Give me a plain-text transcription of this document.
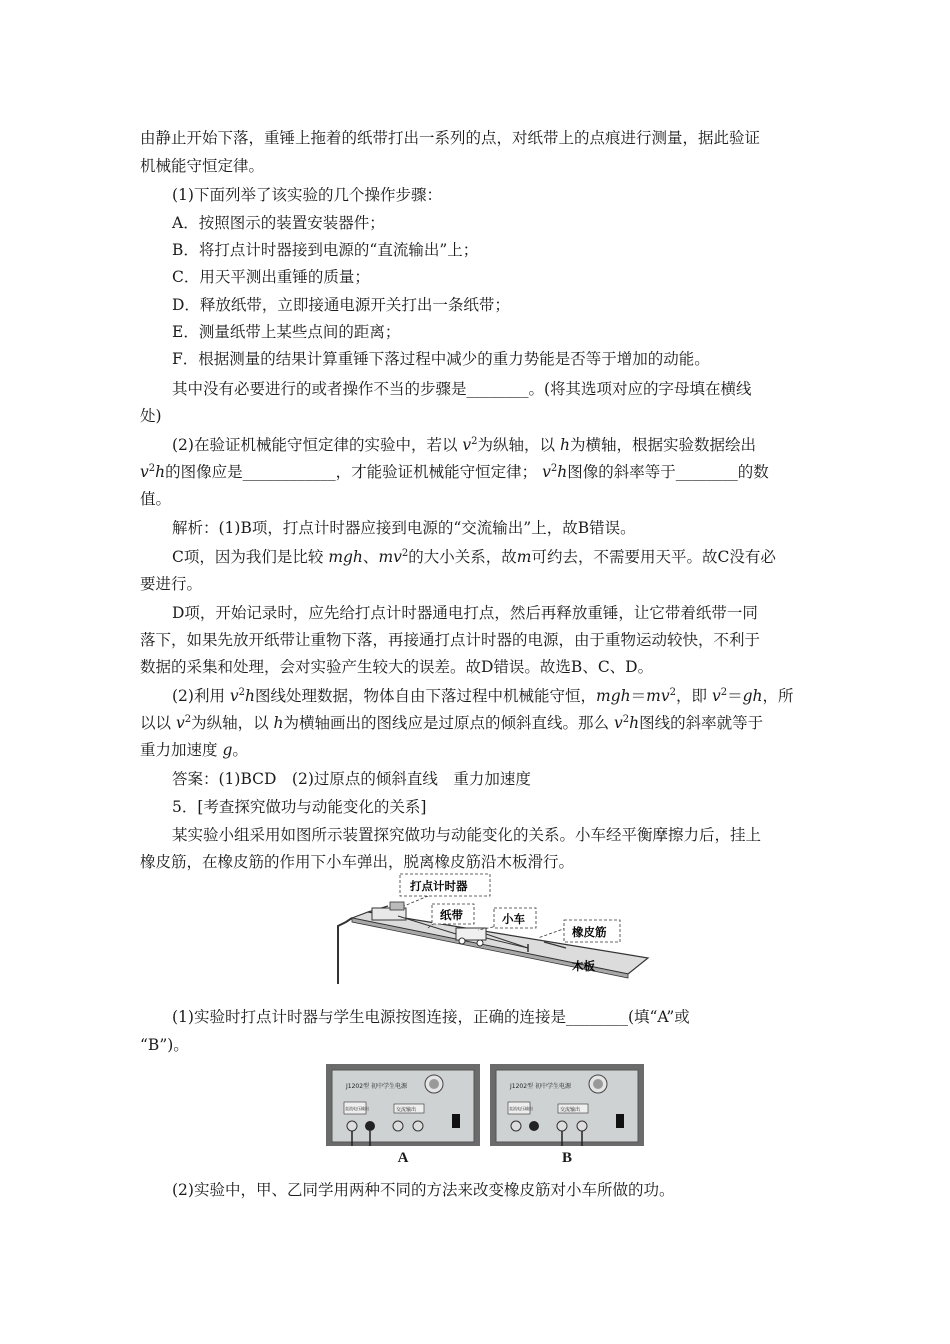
由静止开始下落，重锤上拖着的纸带打出一系列的点，对纸带上的点痕进行测量，据此验证
机械能守恒定律。
(1)下面列举了该实验的几个操作步骤：
A．按照图示的装置安装器件；
B．将打点计时器接到电源的“直流输出”上；
C．用天平测出重锤的质量；
D．释放纸带，立即接通电源开关打出一条纸带；
E．测量纸带上某些点间的距离；
F．根据测量的结果计算重锤下落过程中减少的重力势能是否等于增加的动能。
其中没有必要进行的或者操作不当的步骤是________。(将其选项对应的字母填在横线
处)
(2)在验证机械能守恒定律的实验中，若以 $v^2$为纵轴，以 h为横轴，根据实验数据绘出
$v^2h$的图像应是____________，才能验证机械能守恒定律； $v^2h$图像的斜率等于________的数
值。
解析：(1)B项，打点计时器应接到电源的“交流输出”上，故B错误。
C项，因为我们是比较 mgh、$mv^2$的大小关系，故m可约去，不需要用天平。故C没有必
要进行。
D项，开始记录时，应先给打点计时器通电打点，然后再释放重锤，让它带着纸带一同
落下，如果先放开纸带让重物下落，再接通打点计时器的电源，由于重物运动较快，不利于
数据的采集和处理，会对实验产生较大的误差。故D错误。故选B、C、D。
(2)利用 $v^2h$图线处理数据，物体自由下落过程中机械能守恒，$mgh=mv^2$，即 $v^2=gh$，所
以以 $v^2$为纵轴，以 h为横轴画出的图线应是过原点的倾斜直线。那么 $v^2h$图线的斜率就等于
重力加速度 g。
答案：(1)BCD　(2)过原点的倾斜直线　重力加速度
5．[考查探究做功与动能变化的关系]
某实验小组采用如图所示装置探究做功与动能变化的关系。小车经平衡摩擦力后，挂上
橡皮筋，在橡皮筋的作用下小车弹出，脱离橡皮筋沿木板滑行。
打点计时器
纸带	小车
橡皮筋
木板
(1)实验时打点计时器与学生电源按图连接，正确的连接是________(填“A”或
“B”)。
J1202型 初中学生电源
直流电压输出	交流输出
A
J1202型 初中学生电源
直流电压输出	交流输出
B
(2)实验中，甲、乙同学用两种不同的方法来改变橡皮筋对小车所做的功。
